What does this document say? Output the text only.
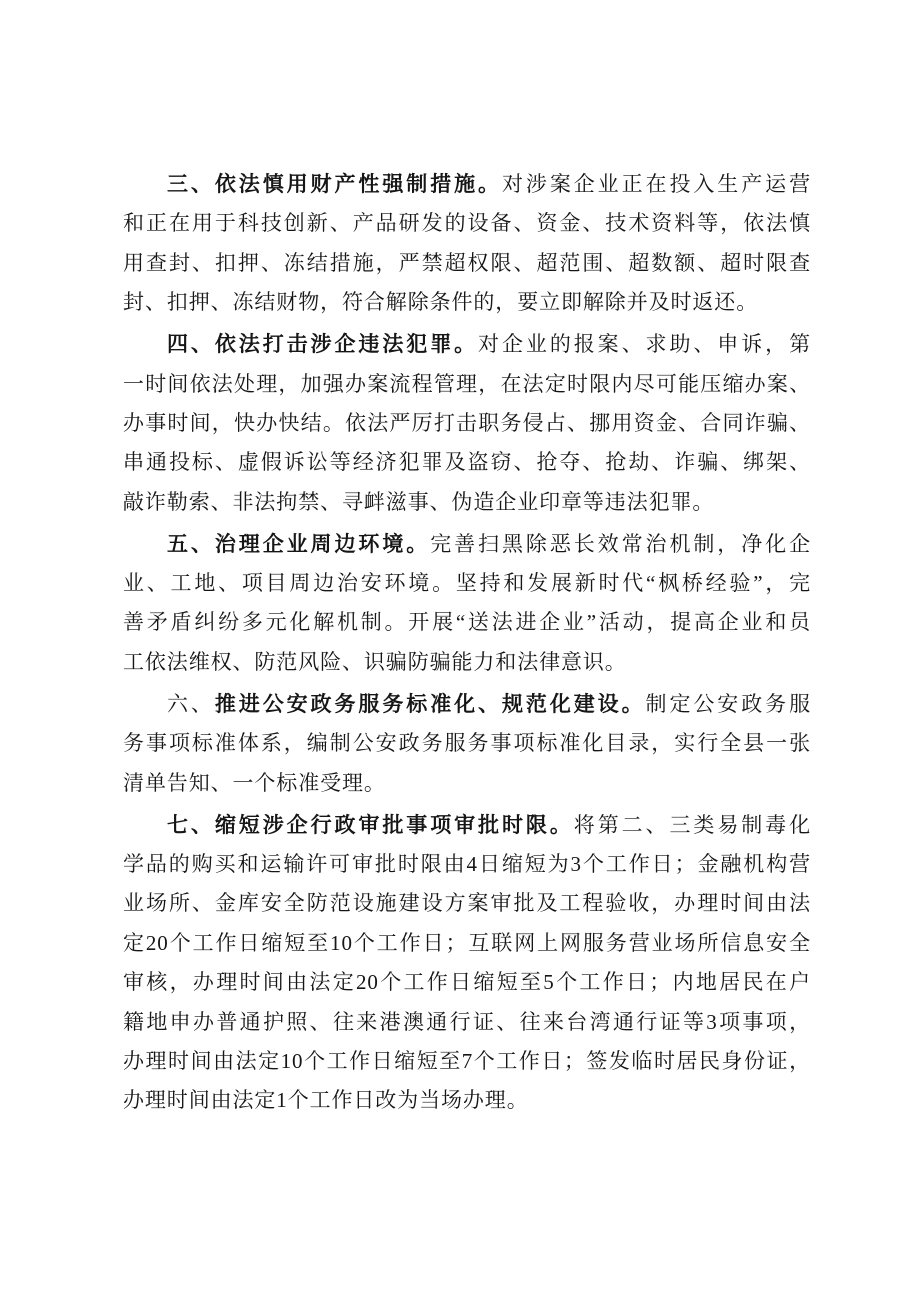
三、依法慎用财产性强制措施。对涉案企业正在投入生产运营
和正在用于科技创新、产品研发的设备、资金、技术资料等，依法慎
用查封、扣押、冻结措施，严禁超权限、超范围、超数额、超时限查
封、扣押、冻结财物，符合解除条件的，要立即解除并及时返还。
四、依法打击涉企违法犯罪。对企业的报案、求助、申诉，第
一时间依法处理，加强办案流程管理，在法定时限内尽可能压缩办案、
办事时间，快办快结。依法严厉打击职务侵占、挪用资金、合同诈骗、
串通投标、虚假诉讼等经济犯罪及盗窃、抢夺、抢劫、诈骗、绑架、
敲诈勒索、非法拘禁、寻衅滋事、伪造企业印章等违法犯罪。
五、治理企业周边环境。完善扫黑除恶长效常治机制，净化企
业、工地、项目周边治安环境。坚持和发展新时代“枫桥经验”，完
善矛盾纠纷多元化解机制。开展“送法进企业”活动，提高企业和员
工依法维权、防范风险、识骗防骗能力和法律意识。
六、推进公安政务服务标准化、规范化建设。制定公安政务服
务事项标准体系，编制公安政务服务事项标准化目录，实行全县一张
清单告知、一个标准受理。
七、缩短涉企行政审批事项审批时限。将第二、三类易制毒化
学品的购买和运输许可审批时限由4日缩短为3个工作日；金融机构营
业场所、金库安全防范设施建设方案审批及工程验收，办理时间由法
定20个工作日缩短至10个工作日；互联网上网服务营业场所信息安全
审核，办理时间由法定20个工作日缩短至5个工作日；内地居民在户
籍地申办普通护照、往来港澳通行证、往来台湾通行证等3项事项，
办理时间由法定10个工作日缩短至7个工作日；签发临时居民身份证，
办理时间由法定1个工作日改为当场办理。
